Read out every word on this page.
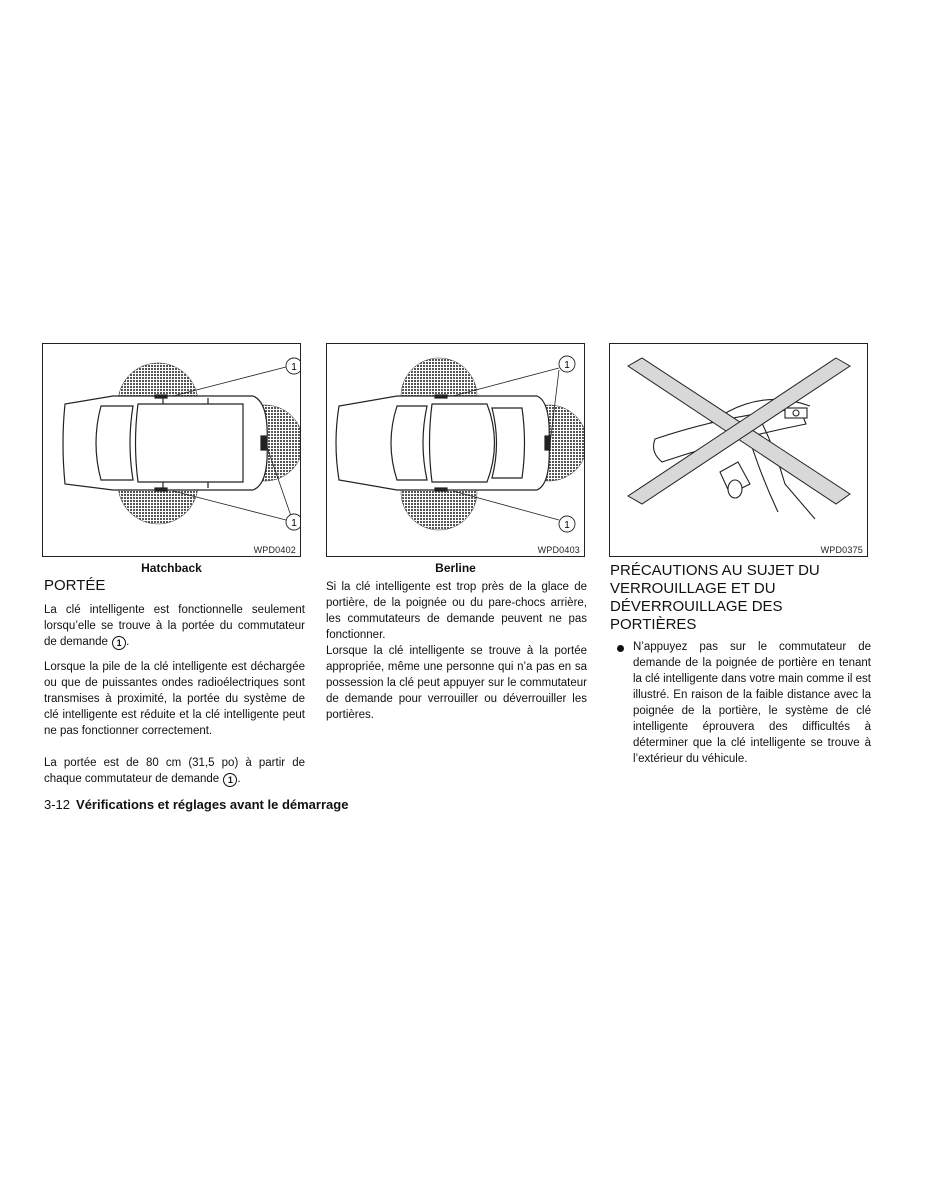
1
1
WPD0402
Hatchback
1
1
WPD0403
Berline
WPD0375
PORTÉE

La clé intelligente est fonctionnelle seulement lorsqu’elle se trouve à la portée du commutateur de demande 1 .

Lorsque la pile de la clé intelligente est déchargée ou que de puissantes ondes radioélectriques sont transmises à proximité, la portée du système de clé intelligente est réduite et la clé intelligente peut ne pas fonctionner correctement.

La portée est de 80 cm (31,5 po) à partir de chaque commutateur de demande 1 .

Si la clé intelligente est trop près de la glace de portière, de la poignée ou du pare-chocs arrière, les commutateurs de demande peuvent ne pas fonctionner.

Lorsque la clé intelligente se trouve à la portée appropriée, même une personne qui n’a pas en sa possession la clé peut appuyer sur le commutateur de demande pour verrouiller ou déverrouiller les portières.

PRÉCAUTIONS AU SUJET DU VERROUILLAGE ET DU DÉVERROUILLAGE DES PORTIÈRES

N’appuyez pas sur le commutateur de demande de la poignée de portière en tenant la clé intelligente dans votre main comme il est illustré. En raison de la faible distance avec la poignée de la portière, le système de clé intelligente éprouvera des difficultés à déterminer que la clé intelligente se trouve à l’extérieur du véhicule.

3-12 Vérifications et réglages avant le démarrage
